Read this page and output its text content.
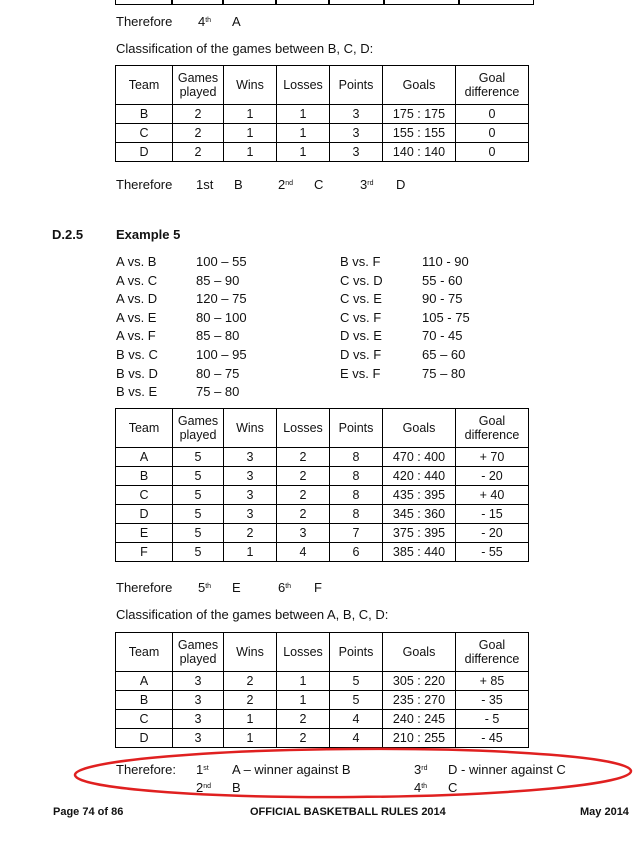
Therefore 4th A
Classification of the games between B, C, D:
Team	Games played	Wins	Losses	Points	Goals	Goal difference
B	2	1	1	3	175 : 175	0
C	2	1	1	3	155 : 155	0
D	2	1	1	3	140 : 140	0
Therefore 1st B	2nd C	3rd D
D.2.5	Example 5
A vs. B	100 – 55
A vs. C	85 – 90
A vs. D	120 – 75
A vs. E	80 – 100
A vs. F	85 – 80
B vs. C	100 – 95
B vs. D	80 – 75
B vs. E	75 – 80
B vs. F	110 - 90
C vs. D	55 - 60
C vs. E	90 - 75
C vs. F	105 - 75
D vs. E	70 - 45
D vs. F	65 – 60
E vs. F	75 – 80
Team	Games played	Wins	Losses	Points	Goals	Goal difference
A	5	3	2	8	470 : 400	+ 70
B	5	3	2	8	420 : 440	- 20
C	5	3	2	8	435 : 395	+ 40
D	5	3	2	8	345 : 360	- 15
E	5	2	3	7	375 : 395	- 20
F	5	1	4	6	385 : 440	- 55
Therefore 5th E	6th F
Classification of the games between A, B, C, D:
Team	Games played	Wins	Losses	Points	Goals	Goal difference
A	3	2	1	5	305 : 220	+ 85
B	3	2	1	5	235 : 270	- 35
C	3	1	2	4	240 : 245	- 5
D	3	1	2	4	210 : 255	- 45
Therefore: 1st A – winner against B
2nd B
3rd D - winner against C
4th C
Page 74 of 86	OFFICIAL BASKETBALL RULES 2014	May 2014
